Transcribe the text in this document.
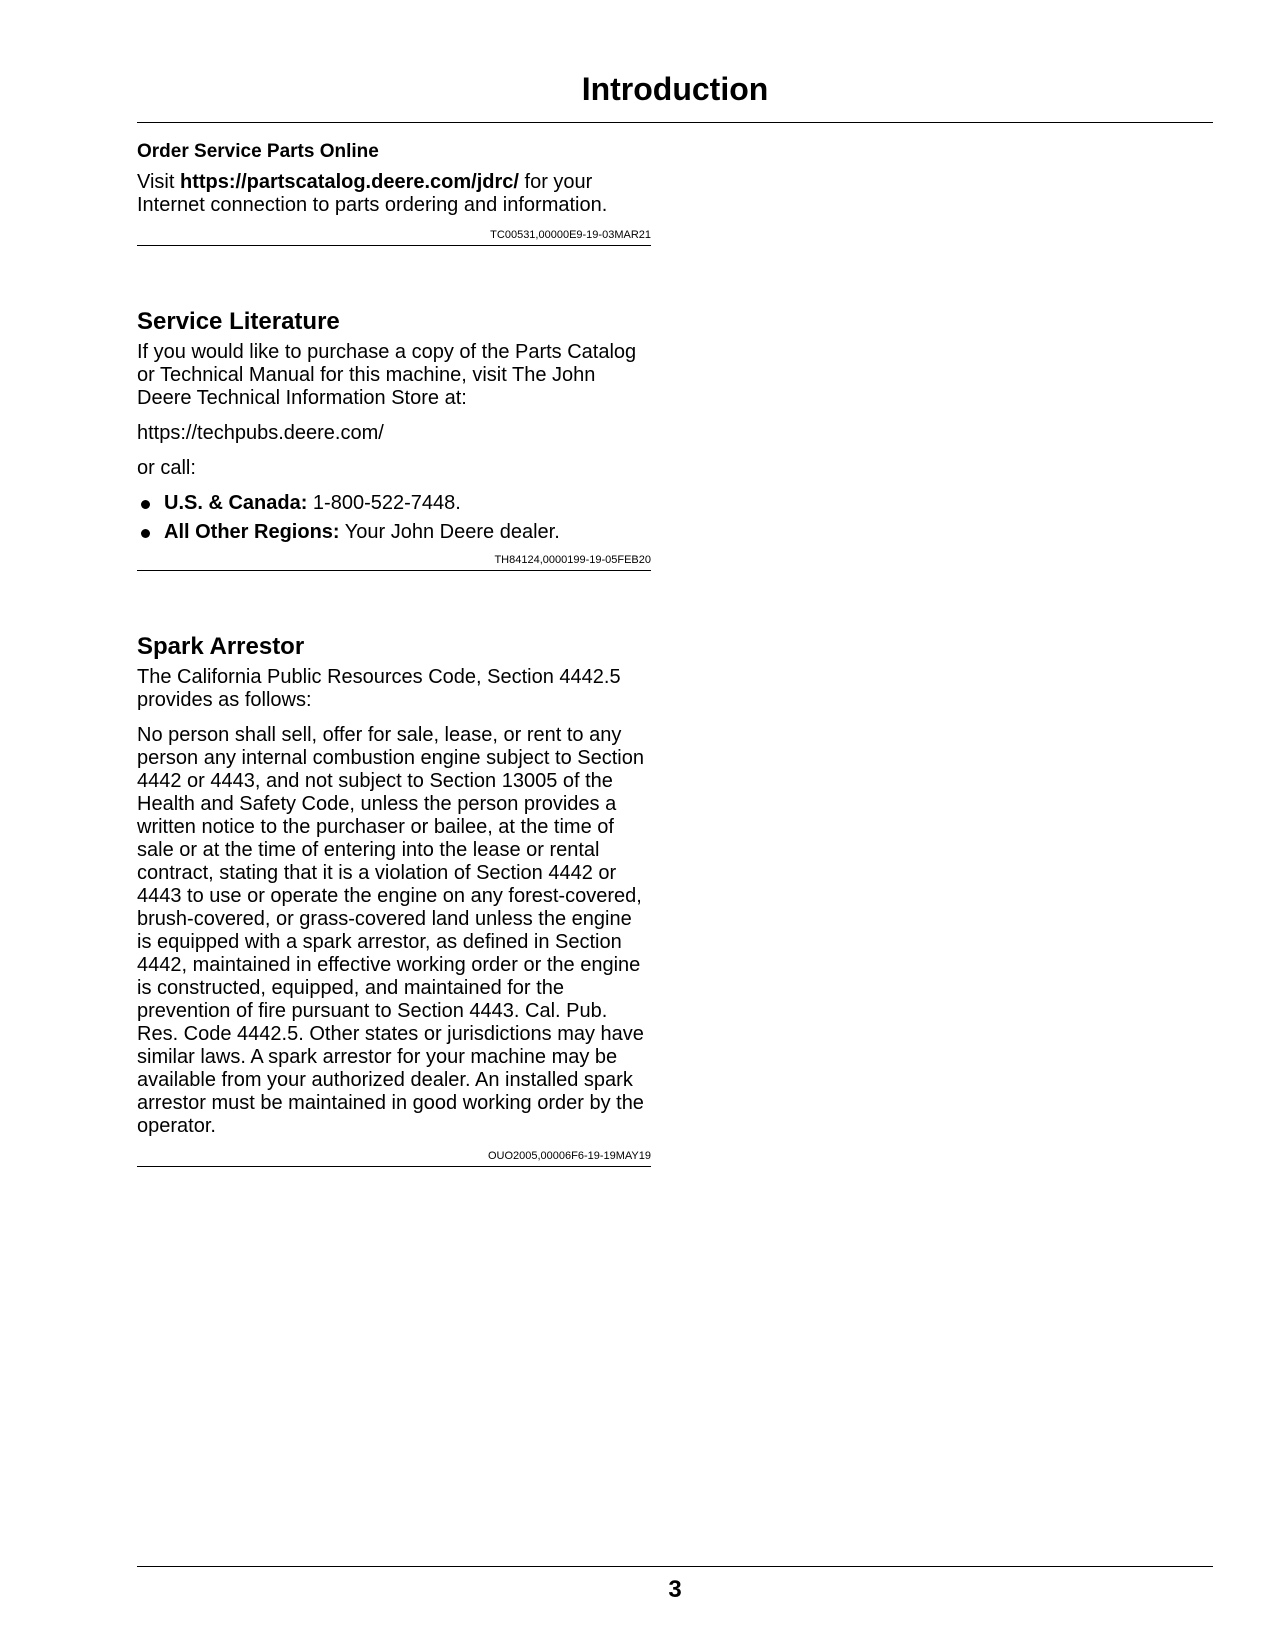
Introduction
Order Service Parts Online

Visit https://partscatalog.deere.com/jdrc/ for your Internet connection to parts ordering and information.

TC00531,00000E9-19-03MAR21
Service Literature

If you would like to purchase a copy of the Parts Catalog or Technical Manual for this machine, visit The John Deere Technical Information Store at:

https://techpubs.deere.com/

or call:

U.S. & Canada: 1-800-522-7448.
All Other Regions: Your John Deere dealer.
TH84124,0000199-19-05FEB20
Spark Arrestor

The California Public Resources Code, Section 4442.5 provides as follows:

No person shall sell, offer for sale, lease, or rent to any person any internal combustion engine subject to Section 4442 or 4443, and not subject to Section 13005 of the Health and Safety Code, unless the person provides a written notice to the purchaser or bailee, at the time of sale or at the time of entering into the lease or rental contract, stating that it is a violation of Section 4442 or 4443 to use or operate the engine on any forest-covered, brush-covered, or grass-covered land unless the engine is equipped with a spark arrestor, as defined in Section 4442, maintained in effective working order or the engine is constructed, equipped, and maintained for the prevention of fire pursuant to Section 4443. Cal. Pub. Res. Code 4442.5. Other states or jurisdictions may have similar laws. A spark arrestor for your machine may be available from your authorized dealer. An installed spark arrestor must be maintained in good working order by the operator.

OUO2005,00006F6-19-19MAY19
3
